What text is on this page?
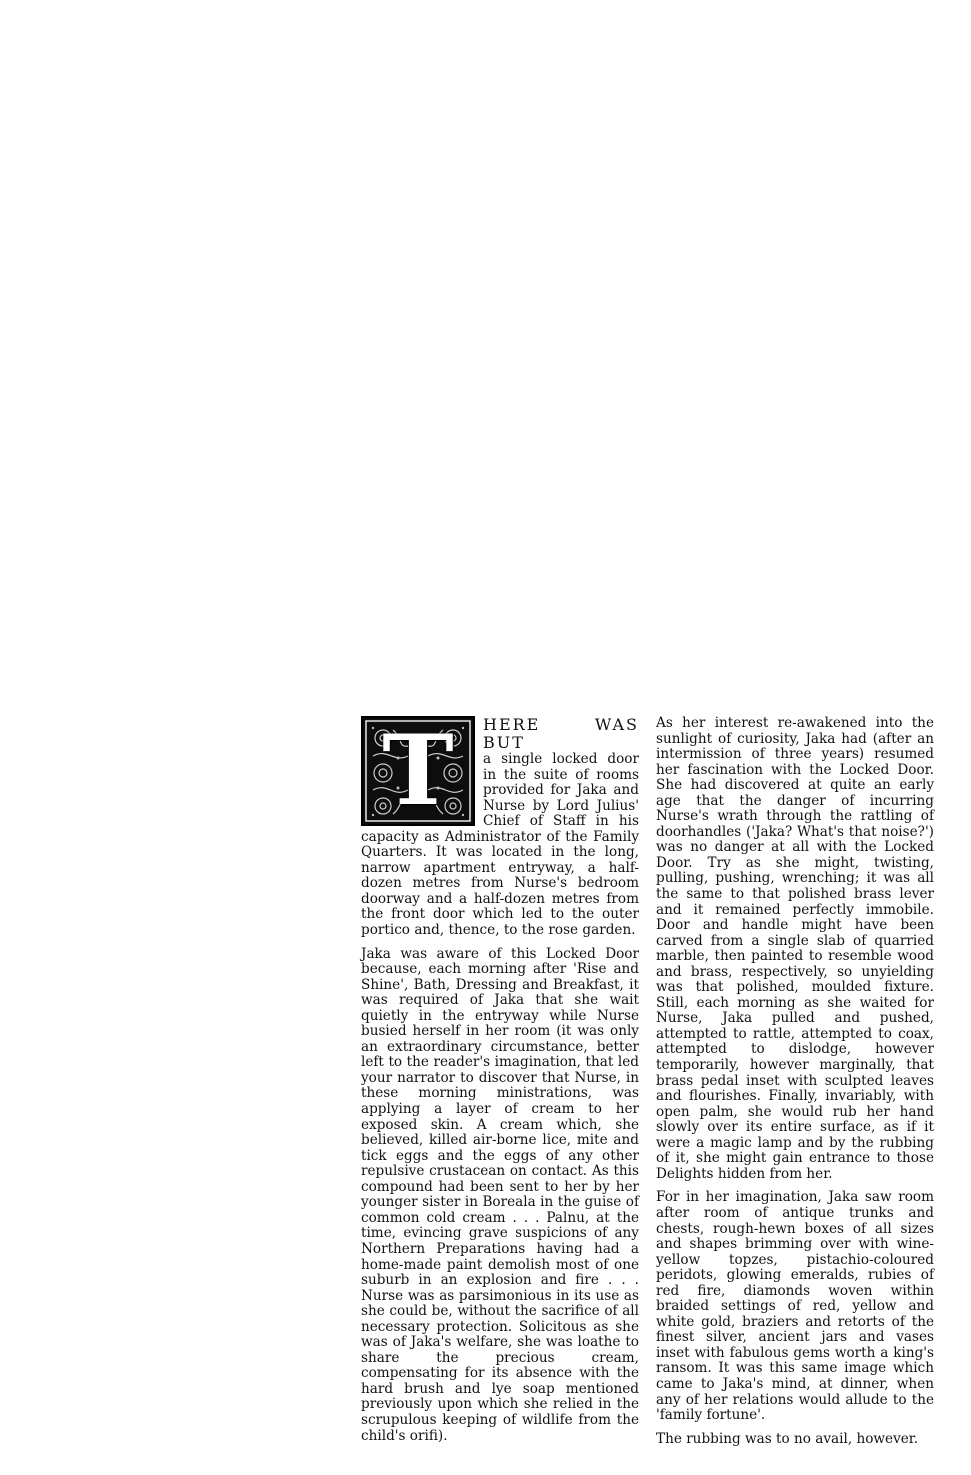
T	HERE WAS BUT
a single locked door in the suite of rooms provided for Jaka and Nurse by Lord Julius' Chief of Staff in his capacity as Administrator of the Family Quarters. It was located in the long, narrow apartment entryway, a half-dozen metres from Nurse's bedroom doorway and a half-dozen metres from the front door which led to the outer portico and, thence, to the rose garden.

Jaka was aware of this Locked Door because, each morning after 'Rise and Shine', Bath, Dressing and Breakfast, it was required of Jaka that she wait quietly in the entryway while Nurse busied herself in her room (it was only an extraordinary circumstance, better left to the reader's imagination, that led your narrator to discover that Nurse, in these morning ministrations, was applying a layer of cream to her exposed skin. A cream which, she believed, killed air-borne lice, mite and tick eggs and the eggs of any other repulsive crustacean on contact. As this compound had been sent to her by her younger sister in Boreala in the guise of common cold cream . . . Palnu, at the time, evincing grave suspicions of any Northern Preparations having had a home-made paint demolish most of one suburb in an explosion and fire . . . Nurse was as parsimonious in its use as she could be, without the sacrifice of all necessary protection. Solicitous as she was of Jaka's welfare, she was loathe to share the precious cream, compensating for its absence with the hard brush and lye soap mentioned previously upon which she relied in the scrupulous keeping of wildlife from the child's orifi).

As her interest re-awakened into the sunlight of curiosity, Jaka had (after an intermission of three years) resumed her fascination with the Locked Door. She had discovered at quite an early age that the danger of incurring Nurse's wrath through the rattling of doorhandles ('Jaka? What's that noise?') was no danger at all with the Locked Door. Try as she might, twisting, pulling, pushing, wrenching; it was all the same to that polished brass lever and it remained perfectly immobile. Door and handle might have been carved from a single slab of quarried marble, then painted to resemble wood and brass, respectively, so unyielding was that polished, moulded fixture. Still, each morning as she waited for Nurse, Jaka pulled and pushed, attempted to rattle, attempted to coax, attempted to dislodge, however temporarily, however marginally, that brass pedal inset with sculpted leaves and flourishes. Finally, invariably, with open palm, she would rub her hand slowly over its entire surface, as if it were a magic lamp and by the rubbing of it, she might gain entrance to those Delights hidden from her.

For in her imagination, Jaka saw room after room of antique trunks and chests, rough-hewn boxes of all sizes and shapes brimming over with wine-yellow topzes, pistachio-coloured peridots, glowing emeralds, rubies of red fire, diamonds woven within braided settings of red, yellow and white gold, braziers and retorts of the finest silver, ancient jars and vases inset with fabulous gems worth a king's ransom. It was this same image which came to Jaka's mind, at dinner, when any of her relations would allude to the 'family fortune'.

The rubbing was to no avail, however.
